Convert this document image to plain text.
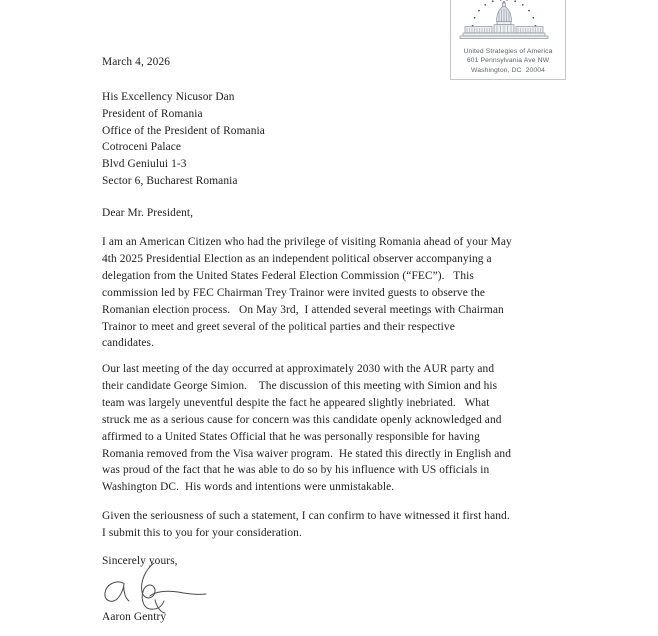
United Strategies of America
601 Pennsylvania Ave NW
Washington, DC  20004
March 4, 2026
His Excellency Nicusor Dan
President of Romania
Office of the President of Romania
Cotroceni Palace
Blvd Geniului 1-3
Sector 6, Bucharest Romania
Dear Mr. President,
I am an American Citizen who had the privilege of visiting Romania ahead of your May
4th 2025 Presidential Election as an independent political observer accompanying a
delegation from the United States Federal Election Commission (“FEC”).   This
commission led by FEC Chairman Trey Trainor were invited guests to observe the
Romanian election process.   On May 3rd,  I attended several meetings with Chairman
Trainor to meet and greet several of the political parties and their respective
candidates.
Our last meeting of the day occurred at approximately 2030 with the AUR party and
their candidate George Simion.    The discussion of this meeting with Simion and his
team was largely uneventful despite the fact he appeared slightly inebriated.   What
struck me as a serious cause for concern was this candidate openly acknowledged and
affirmed to a United States Official that he was personally responsible for having
Romania removed from the Visa waiver program.  He stated this directly in English and
was proud of the fact that he was able to do so by his influence with US officials in
Washington DC.  His words and intentions were unmistakable.
Given the seriousness of such a statement, I can confirm to have witnessed it first hand.
I submit this to you for your consideration.
Sincerely yours,
Aaron Gentry
